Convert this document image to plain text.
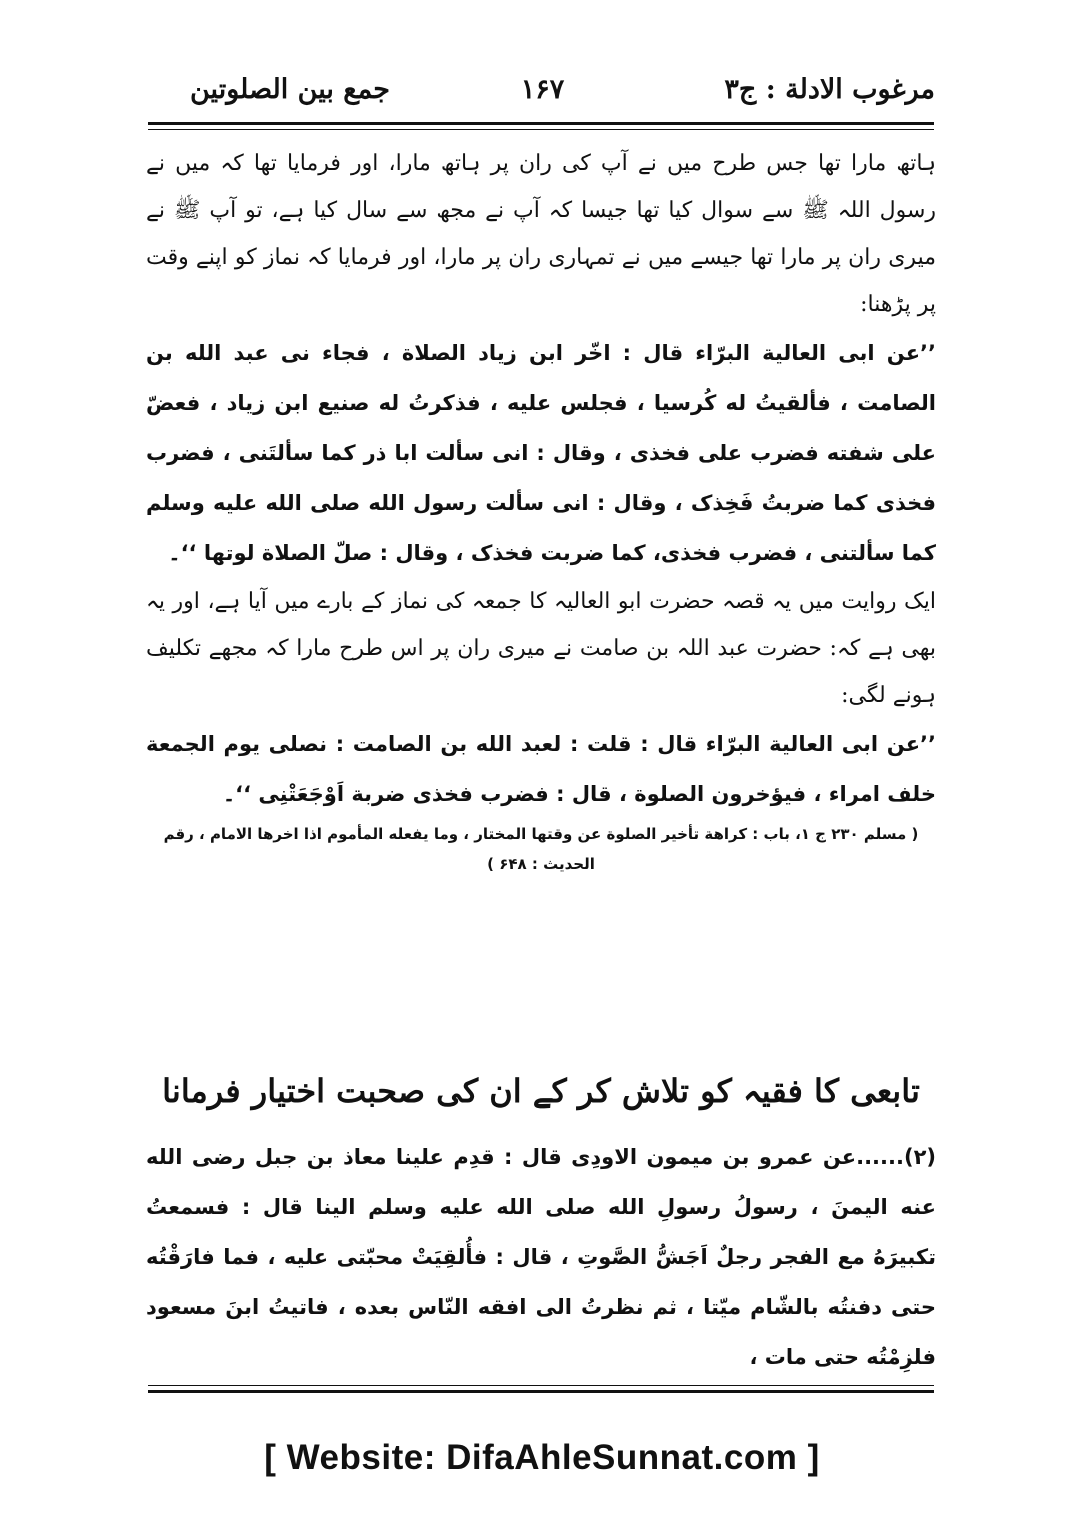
مرغوب الادلة : ج۳
۱۶۷
جمع بین الصلوتین

ہاتھ مارا تھا جس طرح میں نے آپ کی ران پر ہاتھ مارا، اور فرمایا تھا کہ میں نے رسول اللہ ﷺ سے سوال کیا تھا جیسا کہ آپ نے مجھ سے سال کیا ہے، تو آپ ﷺ نے میری ران پر مارا تھا جیسے میں نے تمہاری ران پر مارا، اور فرمایا کہ نماز کو اپنے وقت پر پڑھنا:

’’عن ابی العالیة البرّاء قال : اخّر ابن زیاد الصلاة ، فجاء نی عبد الله بن الصامت ، فألقیتُ له کُرسیا ، فجلس علیه ، فذکرتُ له صنیع ابن زیاد ، فعضّ علی شفته فضرب علی فخذی ، وقال : انی سألت ابا ذر کما سألتَنی ، فضرب فخذی کما ضربتُ فَخِذک ، وقال : انی سألت رسول الله صلی الله علیه وسلم کما سألتنی ، فضرب فخذی، کما ضربت فخذک ، وقال : صلّ الصلاة لوتها ‘‘۔

ایک روایت میں یہ قصہ حضرت ابو العالیہ کا جمعہ کی نماز کے بارے میں آیا ہے، اور یہ بھی ہے کہ: حضرت عبد اللہ بن صامت نے میری ران پر اس طرح مارا کہ مجھے تکلیف ہونے لگی:

’’عن ابی العالیة البرّاء قال : قلت : لعبد الله بن الصامت : نصلی یوم الجمعة خلف امراء ، فیؤخرون الصلوة ، قال : فضرب فخذی ضربة اَوْجَعَتْنِی ‘‘۔

( مسلم ۲۳۰ ج ۱، باب : کراهة تأخیر الصلوة عن وقتها المختار ، وما یفعله المأموم اذا اخرها الامام ، رقم الحدیث : ۶۴۸ )

تابعی کا فقیہ کو تلاش کر کے ان کی صحبت اختیار فرمانا

(۲)......عن عمرو بن میمون الاودِی قال : قدِم علینا معاذ بن جبل رضی الله عنه الیمنَ ، رسولُ رسولِ الله صلی الله علیه وسلم الینا قال : فسمعتُ تکبیرَهُ مع الفجر رجلٌ اَجَشُّ الصَّوتِ ، قال : فأُلقِیَتْ محبّتی علیه ، فما فارَقْتُه حتی دفنتُه بالشّام میّتا ، ثم نظرتُ الی افقه النّاس بعده ، فاتیتُ ابنَ مسعود فلزِمْتُه حتی مات ،

[ Website: DifaAhleSunnat.com ]
